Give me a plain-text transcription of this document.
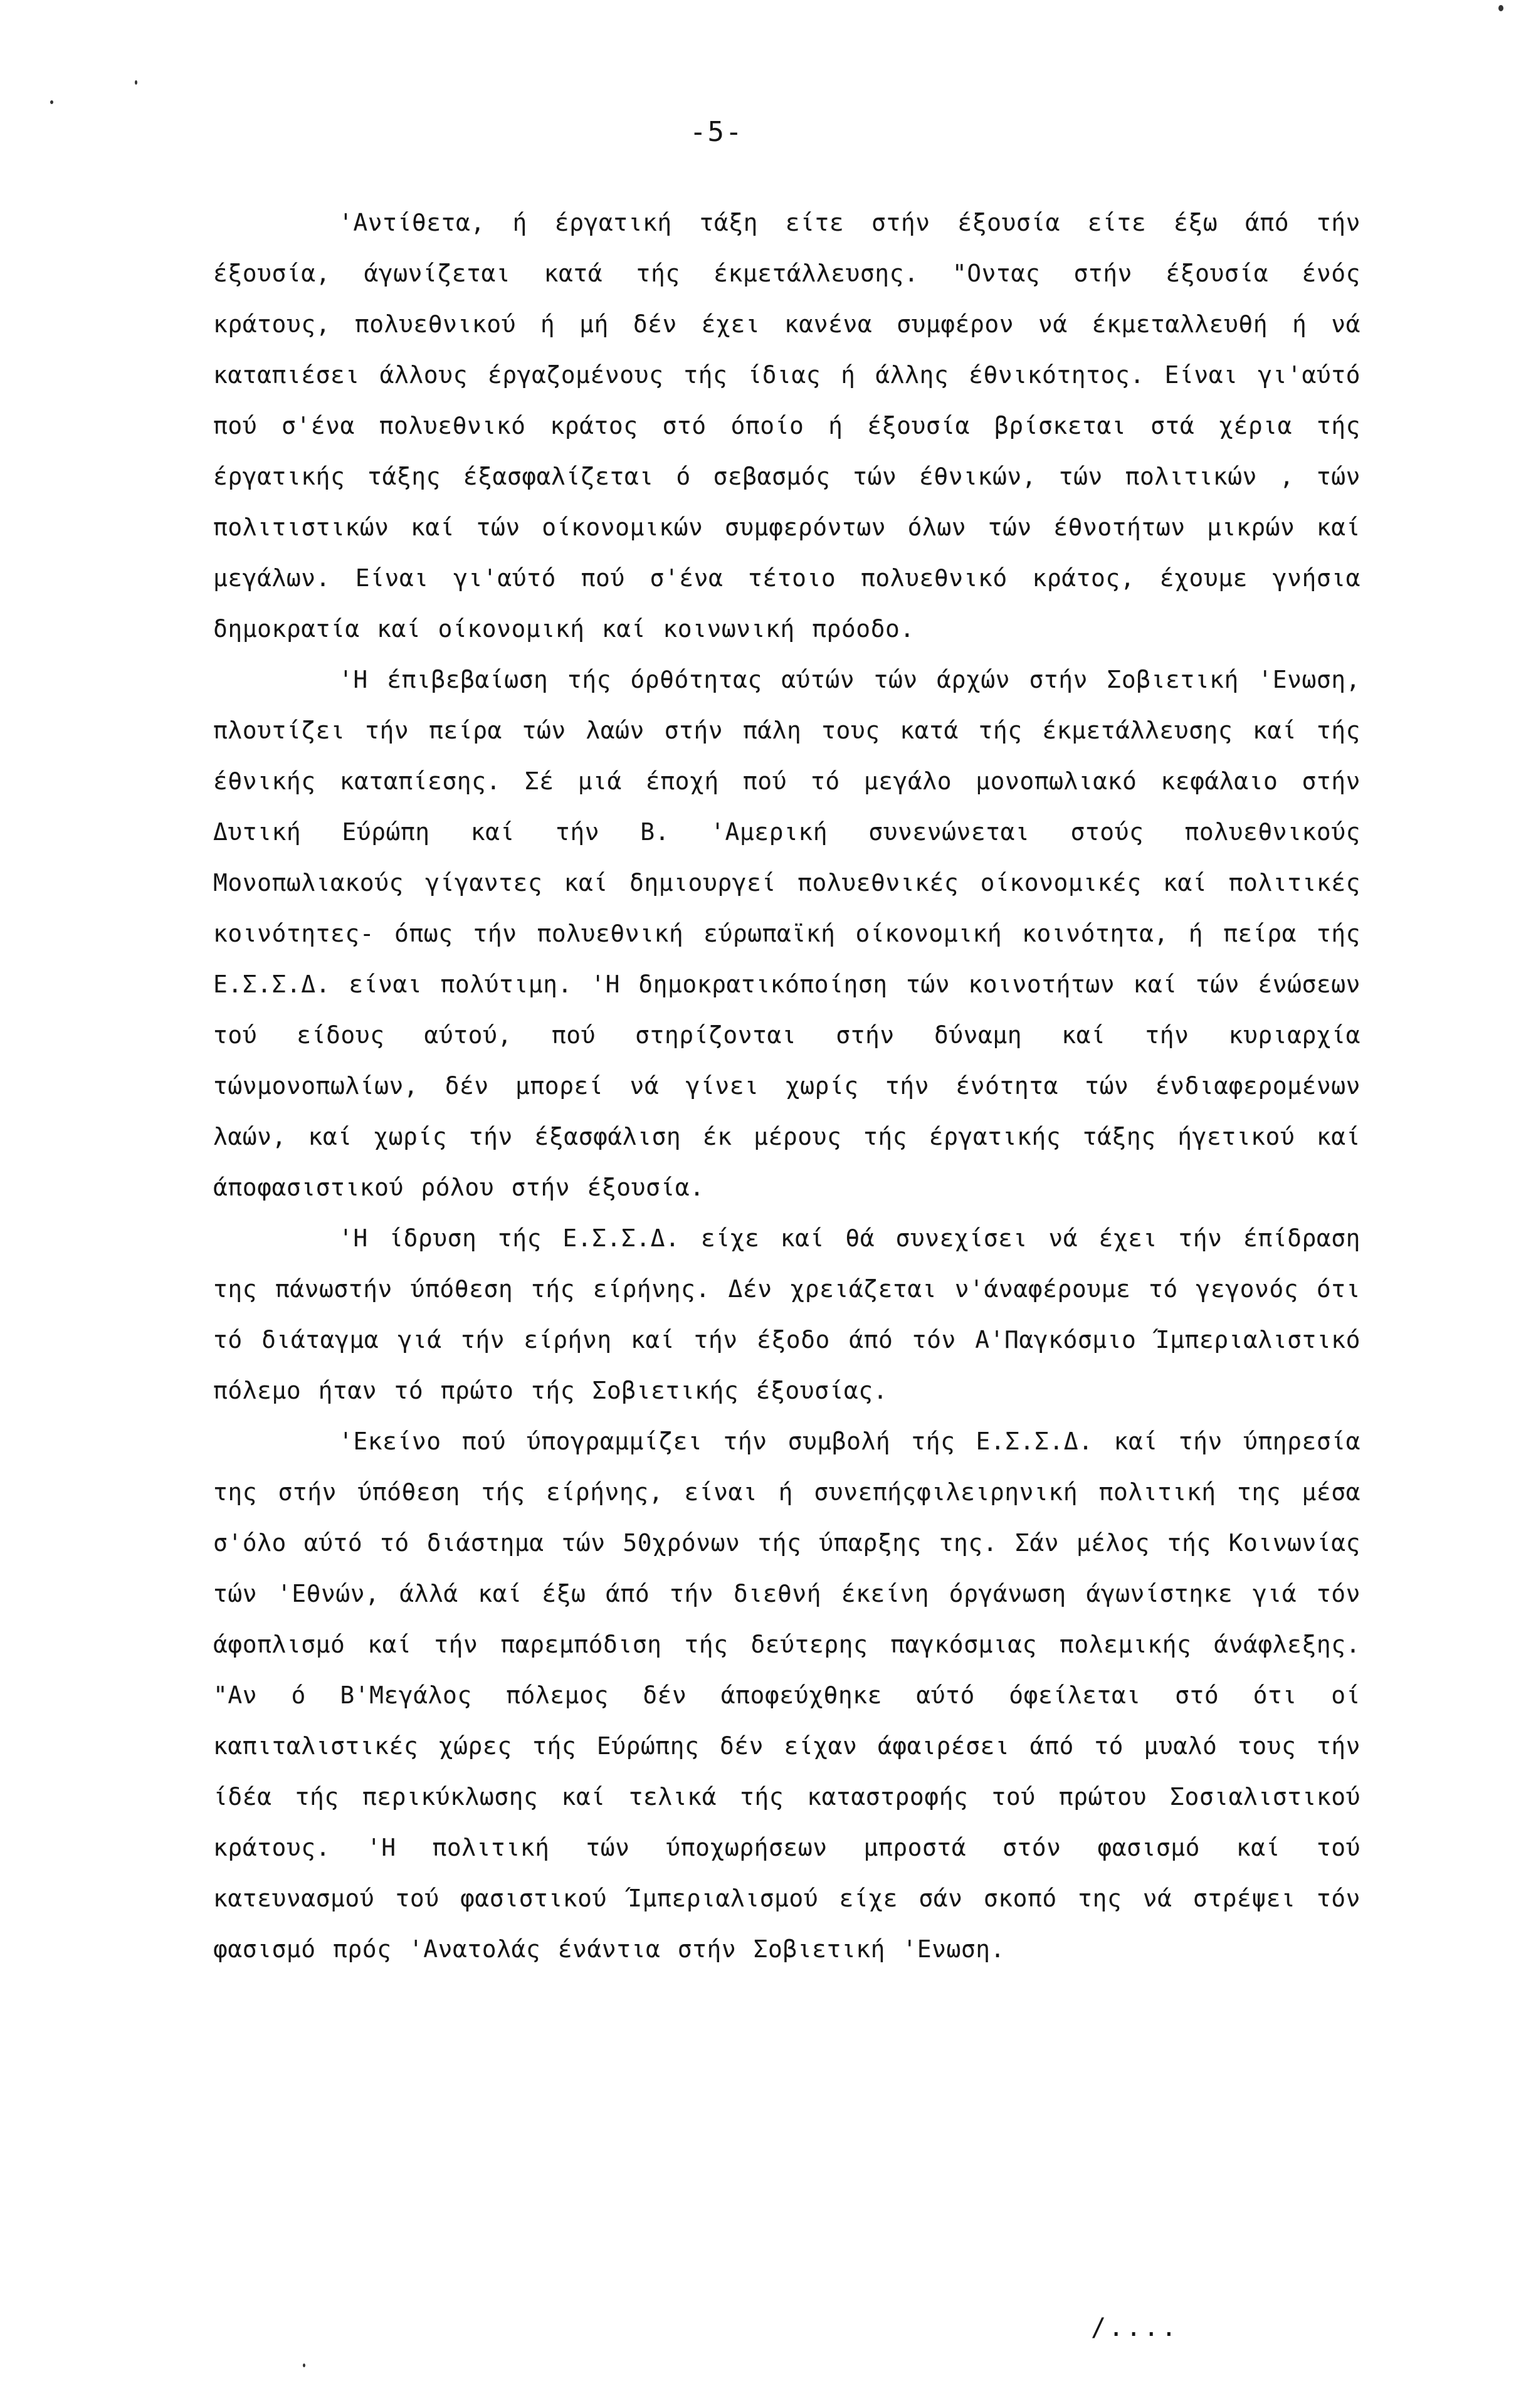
-5-

'Αντίθετα, ή έργατική τάξη είτε στήν έξουσία είτε έξω άπό τήν έξουσία, άγωνίζεται κατά τής έκμετάλλευσης. "Οντας στήν έξουσία ένός κράτους, πολυεθνικού ή μή δέν έχει κανένα συμφέρον νά έκμεταλλευθή ή νά καταπιέσει άλλους έργαζομένους τής ίδιας ή άλλης έθνικότητος. Είναι γι'αύτό πού σ'ένα πολυεθνικό κράτος στό όποίο ή έξουσία βρίσκεται στά χέρια τής έργατικής τάξης έξασφαλίζεται ό σεβασμός τών έθνικών, τών πολιτικών , τών πολιτιστικών καί τών οίκονομικών συμφερόντων όλων τών έθνοτήτων μικρών καί μεγάλων. Είναι γι'αύτό πού σ'ένα τέτοιο πολυεθνικό κράτος, έχουμε γνήσια δημοκρατία καί οίκονομική καί κοινωνική πρόοδο.

'Η έπιβεβαίωση τής όρθότητας αύτών τών άρχών στήν Σοβιετική 'Ενωση, πλουτίζει τήν πείρα τών λαών στήν πάλη τους κατά τής έκμετάλλευσης καί τής έθνικής καταπίεσης. Σέ μιά έποχή πού τό μεγάλο μονοπωλιακό κεφάλαιο στήν Δυτική Εύρώπη καί τήν Β. 'Αμερική συνενώνεται στούς πολυεθνικούς Μονοπωλιακούς γίγαντες καί δημιουργεί πολυεθνικές οίκονομικές καί πολιτικές κοινότητες- όπως τήν πολυεθνική εύρωπαϊκή οίκονομική κοινότητα, ή πείρα τής Ε.Σ.Σ.Δ. είναι πολύτιμη. 'Η δημοκρατικόποίηση τών κοινοτήτων καί τών ένώσεων τού είδους αύτού, πού στηρίζονται στήν δύναμη καί τήν κυριαρχία τώνμονοπωλίων, δέν μπορεί νά γίνει χωρίς τήν ένότητα τών ένδιαφερομένων λαών, καί χωρίς τήν έξασφάλιση έκ μέρους τής έργατικής τάξης ήγετικού καί άποφασιστικού ρόλου στήν έξουσία.

'Η ίδρυση τής Ε.Σ.Σ.Δ. είχε καί θά συνεχίσει νά έχει τήν έπίδραση της πάνωστήν ύπόθεση τής είρήνης. Δέν χρειάζεται ν'άναφέρουμε τό γεγονός ότι τό διάταγμα γιά τήν είρήνη καί τήν έξοδο άπό τόν Α'Παγκόσμιο Ίμπεριαλιστικό πόλεμο ήταν τό πρώτο τής Σοβιετικής έξουσίας.

'Εκείνο πού ύπογραμμίζει τήν συμβολή τής Ε.Σ.Σ.Δ. καί τήν ύπηρεσία της στήν ύπόθεση τής είρήνης, είναι ή συνεπήςφιλειρηνική πολιτική της μέσα σ'όλο αύτό τό διάστημα τών 50χρόνων τής ύπαρξης της. Σάν μέλος τής Κοινωνίας τών 'Εθνών, άλλά καί έξω άπό τήν διεθνή έκείνη όργάνωση άγωνίστηκε γιά τόν άφοπλισμό καί τήν παρεμπόδιση τής δεύτερης παγκόσμιας πολεμικής άνάφλεξης. "Αν ό Β'Μεγάλος πόλεμος δέν άποφεύχθηκε αύτό όφείλεται στό ότι οί καπιταλιστικές χώρες τής Εύρώπης δέν είχαν άφαιρέσει άπό τό μυαλό τους τήν ίδέα τής περικύκλωσης καί τελικά τής καταστροφής τού πρώτου Σοσιαλιστικού κράτους. 'Η πολιτική τών ύποχωρήσεων μπροστά στόν φασισμό καί τού κατευνασμού τού φασιστικού Ίμπεριαλισμού είχε σάν σκοπό της νά στρέψει τόν φασισμό πρός 'Ανατολάς ένάντια στήν Σοβιετική 'Ενωση.

/....
